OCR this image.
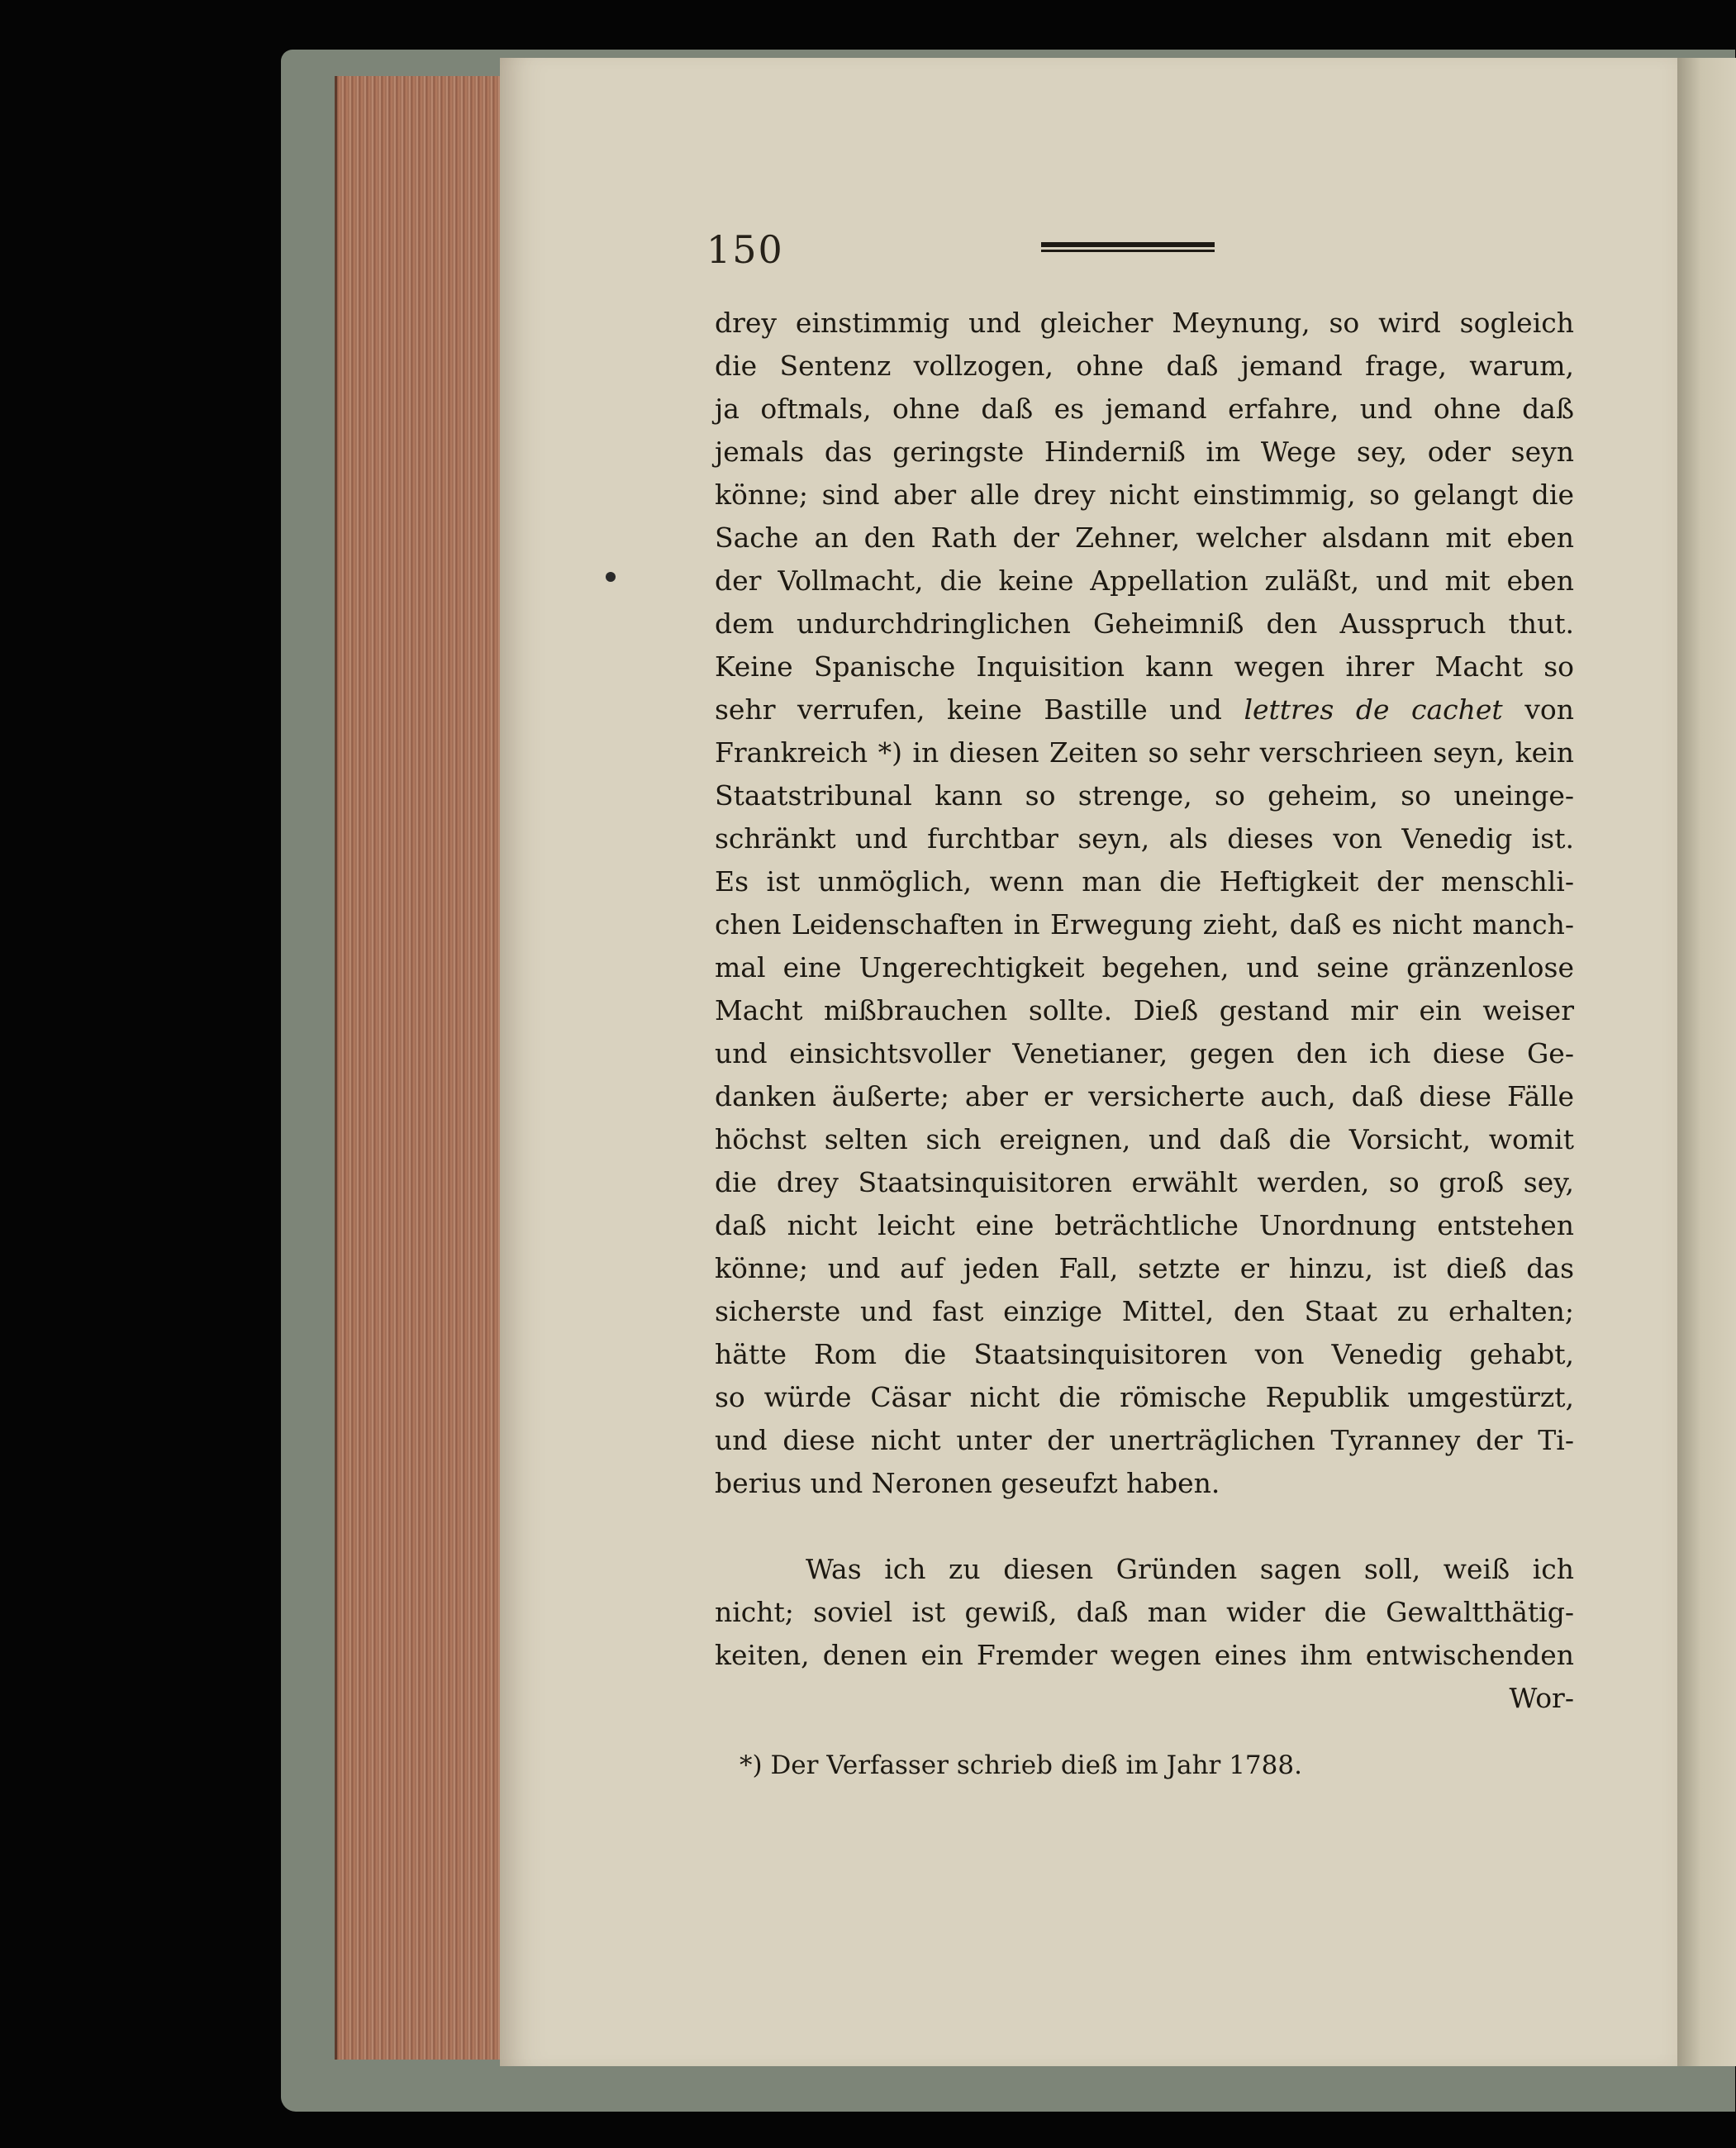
150
drey einstimmig und gleicher Meynung, so wird sogleich
die Sentenz vollzogen, ohne daß jemand frage, warum,
ja oftmals, ohne daß es jemand erfahre, und ohne daß
jemals das geringste Hinderniß im Wege sey, oder seyn
könne; sind aber alle drey nicht einstimmig, so gelangt die
Sache an den Rath der Zehner, welcher alsdann mit eben
der Vollmacht, die keine Appellation zuläßt, und mit eben
dem undurchdringlichen Geheimniß den Ausspruch thut.
Keine Spanische Inquisition kann wegen ihrer Macht so
sehr verrufen, keine Bastille und lettres de cachet von
Frankreich *) in diesen Zeiten so sehr verschrieen seyn, kein
Staatstribunal kann so strenge, so geheim, so uneinge-
schränkt und furchtbar seyn, als dieses von Venedig ist.
Es ist unmöglich, wenn man die Heftigkeit der menschli-
chen Leidenschaften in Erwegung zieht, daß es nicht manch-
mal eine Ungerechtigkeit begehen, und seine gränzenlose
Macht mißbrauchen sollte. Dieß gestand mir ein weiser
und einsichtsvoller Venetianer, gegen den ich diese Ge-
danken äußerte; aber er versicherte auch, daß diese Fälle
höchst selten sich ereignen, und daß die Vorsicht, womit
die drey Staatsinquisitoren erwählt werden, so groß sey,
daß nicht leicht eine beträchtliche Unordnung entstehen
könne; und auf jeden Fall, setzte er hinzu, ist dieß das
sicherste und fast einzige Mittel, den Staat zu erhalten;
hätte Rom die Staatsinquisitoren von Venedig gehabt,
so würde Cäsar nicht die römische Republik umgestürzt,
und diese nicht unter der unerträglichen Tyranney der Ti-
berius und Neronen geseufzt haben.
Was ich zu diesen Gründen sagen soll, weiß ich
nicht; soviel ist gewiß, daß man wider die Gewaltthätig-
keiten, denen ein Fremder wegen eines ihm entwischenden
Wor-
*) Der Verfasser schrieb dieß im Jahr 1788.
